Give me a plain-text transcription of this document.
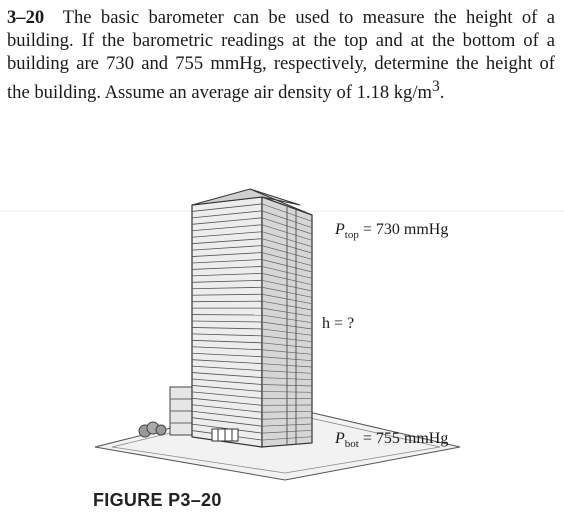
3–20 The basic barometer can be used to measure the height of a building. If the barometric readings at the top and at the bottom of a building are 730 and 755 mmHg, respectively, determine the height of the building. Assume an average air density of 1.18 $kg/m^3$.
$P_{top} = 730$ mmHg
h = ?
$P_{bot} = 755$ mmHg
FIGURE P3–20
